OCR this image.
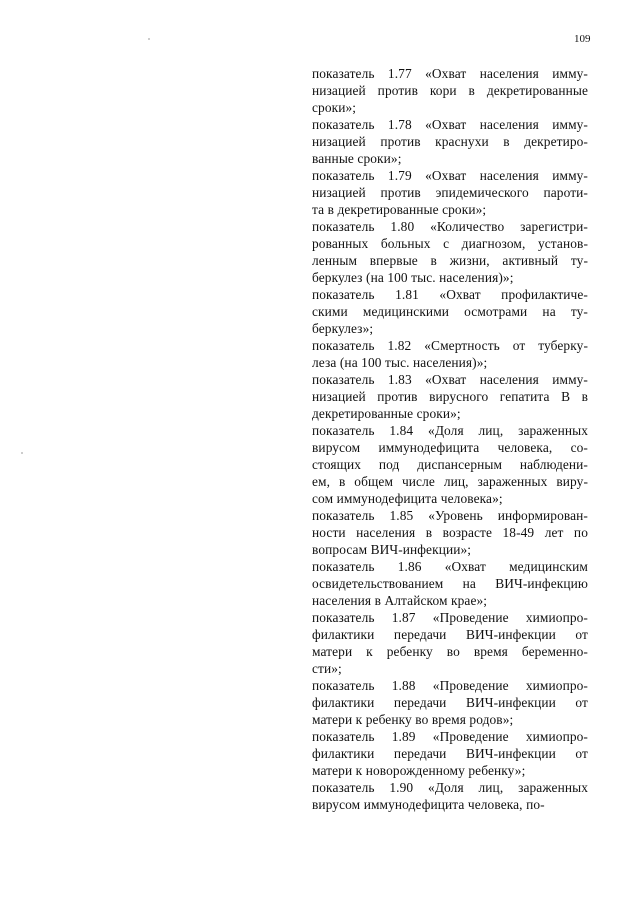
109
показатель 1.77 «Охват населения имму-
низацией против кори в декретированные
сроки»;
показатель 1.78 «Охват населения имму-
низацией против краснухи в декретиро-
ванные сроки»;
показатель 1.79 «Охват населения имму-
низацией против эпидемического пароти-
та в декретированные сроки»;
показатель 1.80 «Количество зарегистри-
рованных больных с диагнозом, установ-
ленным впервые в жизни, активный ту-
беркулез (на 100 тыс. населения)»;
показатель 1.81 «Охват профилактиче-
скими медицинскими осмотрами на ту-
беркулез»;
показатель 1.82 «Смертность от туберку-
леза (на 100 тыс. населения)»;
показатель 1.83 «Охват населения имму-
низацией против вирусного гепатита В в
декретированные сроки»;
показатель 1.84 «Доля лиц, зараженных
вирусом иммунодефицита человека, со-
стоящих под диспансерным наблюдени-
ем, в общем числе лиц, зараженных виру-
сом иммунодефицита человека»;
показатель 1.85 «Уровень информирован-
ности населения в возрасте 18-49 лет по
вопросам ВИЧ-инфекции»;
показатель 1.86 «Охват медицинским
освидетельствованием на ВИЧ-инфекцию
населения в Алтайском крае»;
показатель 1.87 «Проведение химиопро-
филактики передачи ВИЧ-инфекции от
матери к ребенку во время беременно-
сти»;
показатель 1.88 «Проведение химиопро-
филактики передачи ВИЧ-инфекции от
матери к ребенку во время родов»;
показатель 1.89 «Проведение химиопро-
филактики передачи ВИЧ-инфекции от
матери к новорожденному ребенку»;
показатель 1.90 «Доля лиц, зараженных
вирусом иммунодефицита человека, по-
